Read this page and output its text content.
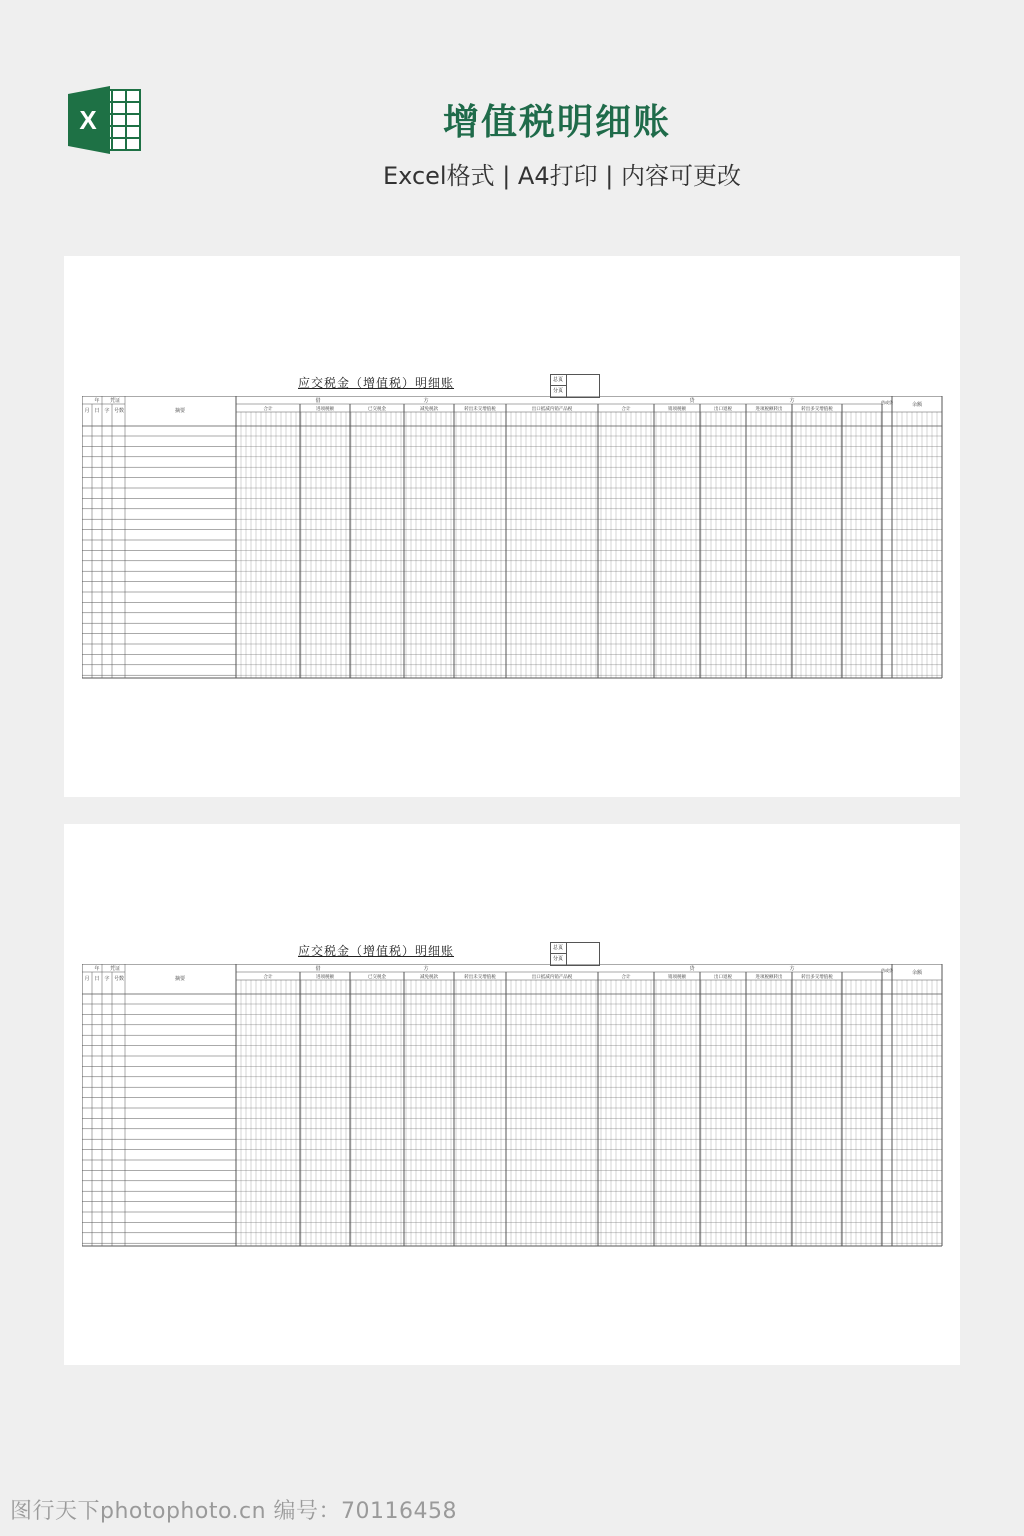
X	增值税明细账
Excel格式 | A4打印 | 内容可更改
应交税金（增值税）明细账	总页
分页
年 凭证
月 日 字 号数	摘要
借	方	贷	方
合计	进项税额	已交税金	减免税款	转出未交增值税	出口抵减内销产品税	合计	销项税额	出口退税	进项税额转出	转出多交增值税
借或贷	余额
应交税金（增值税）明细账	总页
分页
年 凭证
月 日 字 号数	摘要
借	方	贷	方
合计	进项税额	已交税金	减免税款	转出未交增值税	出口抵减内销产品税	合计	销项税额	出口退税	进项税额转出	转出多交增值税
借或贷	余额
图行天下photophoto.cn 编号：70116458
